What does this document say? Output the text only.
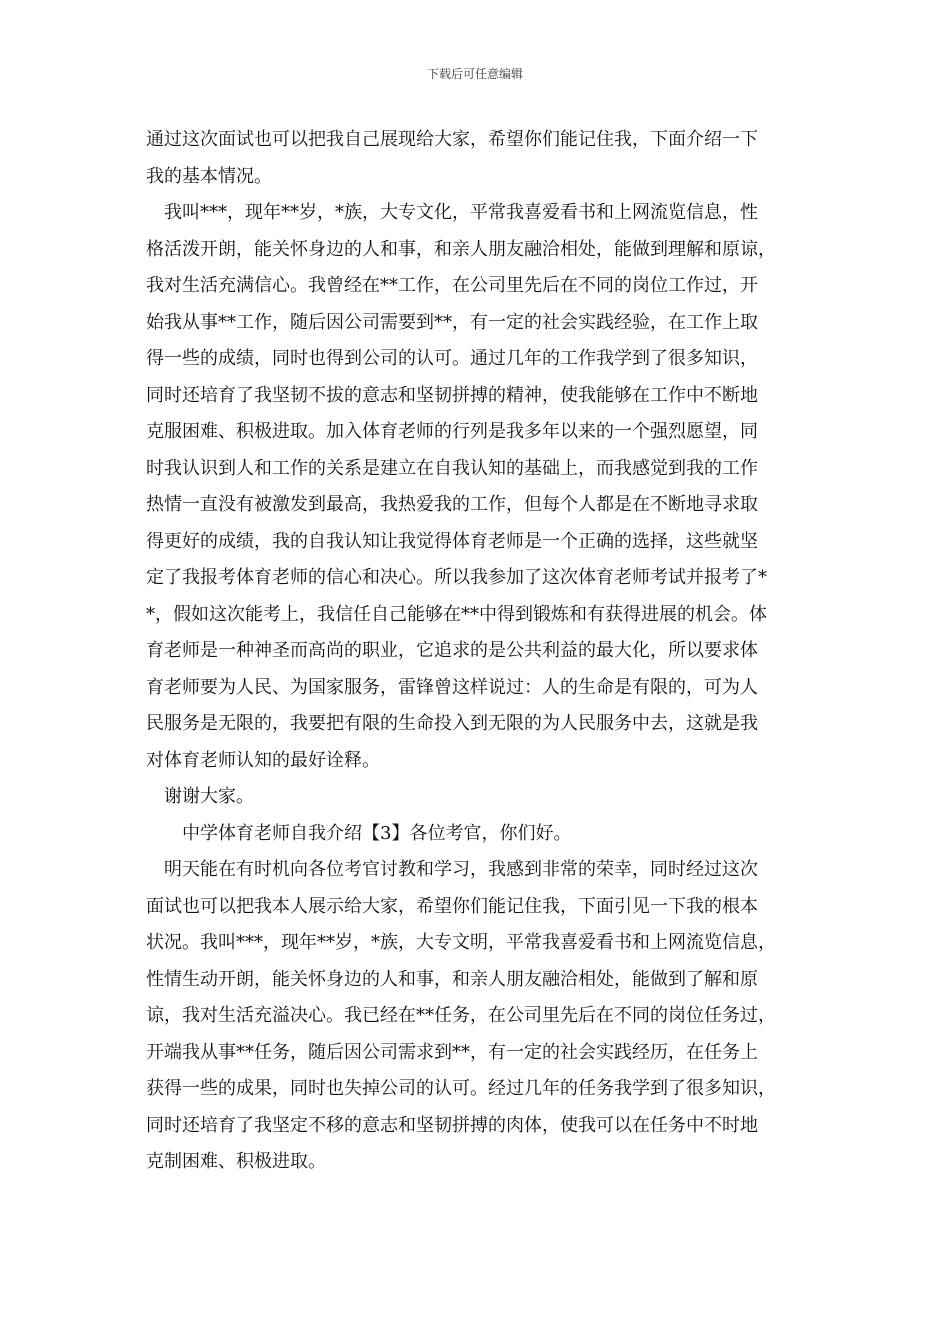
下载后可任意编辑
通过这次面试也可以把我自己展现给大家，希望你们能记住我，下面介绍一下
我的基本情况。
我叫***，现年**岁，*族，大专文化，平常我喜爱看书和上网流览信息，性
格活泼开朗，能关怀身边的人和事，和亲人朋友融洽相处，能做到理解和原谅，
我对生活充满信心。我曾经在**工作，在公司里先后在不同的岗位工作过，开
始我从事**工作，随后因公司需要到**，有一定的社会实践经验，在工作上取
得一些的成绩，同时也得到公司的认可。通过几年的工作我学到了很多知识，
同时还培育了我坚韧不拔的意志和坚韧拼搏的精神，使我能够在工作中不断地
克服困难、积极进取。加入体育老师的行列是我多年以来的一个强烈愿望，同
时我认识到人和工作的关系是建立在自我认知的基础上，而我感觉到我的工作
热情一直没有被激发到最高，我热爱我的工作，但每个人都是在不断地寻求取
得更好的成绩，我的自我认知让我觉得体育老师是一个正确的选择，这些就坚
定了我报考体育老师的信心和决心。所以我参加了这次体育老师考试并报考了*
*，假如这次能考上，我信任自己能够在**中得到锻炼和有获得进展的机会。体
育老师是一种神圣而高尚的职业，它追求的是公共利益的最大化，所以要求体
育老师要为人民、为国家服务，雷锋曾这样说过：人的生命是有限的，可为人
民服务是无限的，我要把有限的生命投入到无限的为人民服务中去，这就是我
对体育老师认知的最好诠释。
谢谢大家。
中学体育老师自我介绍【3】各位考官，你们好。
明天能在有时机向各位考官讨教和学习，我感到非常的荣幸，同时经过这次
面试也可以把我本人展示给大家，希望你们能记住我，下面引见一下我的根本
状况。我叫***，现年**岁，*族，大专文明，平常我喜爱看书和上网流览信息，
性情生动开朗，能关怀身边的人和事，和亲人朋友融洽相处，能做到了解和原
谅，我对生活充溢决心。我已经在**任务，在公司里先后在不同的岗位任务过，
开端我从事**任务，随后因公司需求到**，有一定的社会实践经历，在任务上
获得一些的成果，同时也失掉公司的认可。经过几年的任务我学到了很多知识，
同时还培育了我坚定不移的意志和坚韧拼搏的肉体，使我可以在任务中不时地
克制困难、积极进取。
